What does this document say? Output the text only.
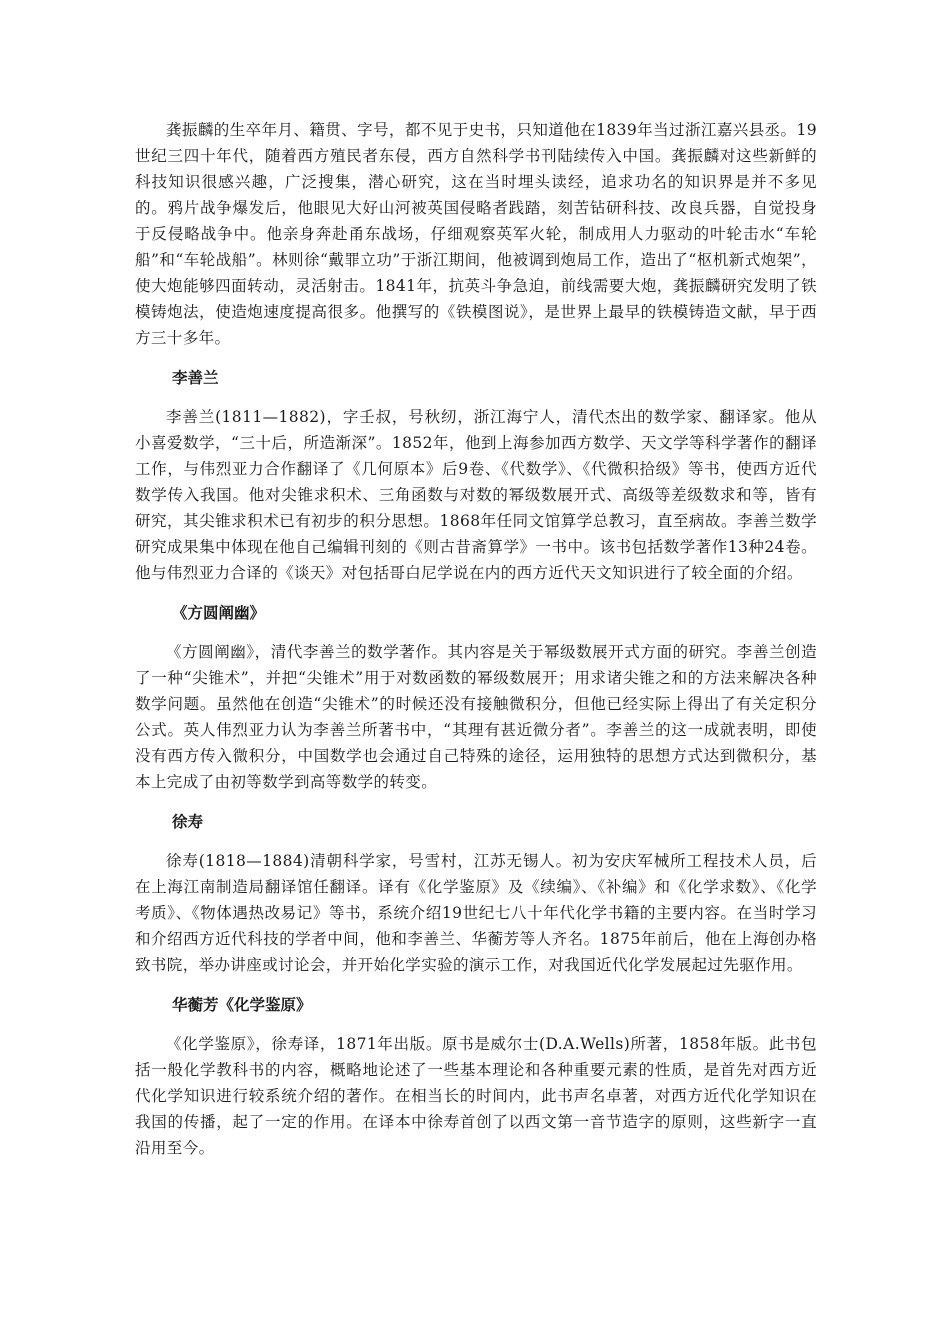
龚振麟的生卒年月、籍贯、字号，都不见于史书，只知道他在1839年当过浙江嘉兴县丞。19世纪三四十年代，随着西方殖民者东侵，西方自然科学书刊陆续传入中国。龚振麟对这些新鲜的科技知识很感兴趣，广泛搜集，潜心研究，这在当时埋头读经，追求功名的知识界是并不多见的。鸦片战争爆发后，他眼见大好山河被英国侵略者践踏，刻苦钻研科技、改良兵器，自觉投身于反侵略战争中。他亲身奔赴甬东战场，仔细观察英军火轮，制成用人力驱动的叶轮击水“车轮船”和“车轮战船”。林则徐“戴罪立功”于浙江期间，他被调到炮局工作，造出了“枢机新式炮架”，使大炮能够四面转动，灵活射击。1841年，抗英斗争急迫，前线需要大炮，龚振麟研究发明了铁模铸炮法，使造炮速度提高很多。他撰写的《铁模图说》，是世界上最早的铁模铸造文献，早于西方三十多年。

李善兰

李善兰(1811—1882)，字壬叔，号秋纫，浙江海宁人，清代杰出的数学家、翻译家。他从小喜爱数学，“三十后，所造渐深”。1852年，他到上海参加西方数学、天文学等科学著作的翻译工作，与伟烈亚力合作翻译了《几何原本》后9卷、《代数学》、《代微积拾级》等书，使西方近代数学传入我国。他对尖锥求积术、三角函数与对数的幂级数展开式、高级等差级数求和等，皆有研究，其尖锥求积术已有初步的积分思想。1868年任同文馆算学总教习，直至病故。李善兰数学研究成果集中体现在他自己编辑刊刻的《则古昔斋算学》一书中。该书包括数学著作13种24卷。他与伟烈亚力合译的《谈天》对包括哥白尼学说在内的西方近代天文知识进行了较全面的介绍。

《方圆阐幽》

《方圆阐幽》，清代李善兰的数学著作。其内容是关于幂级数展开式方面的研究。李善兰创造了一种“尖锥术”，并把“尖锥术”用于对数函数的幂级数展开；用求诸尖锥之和的方法来解决各种数学问题。虽然他在创造“尖锥术”的时候还没有接触微积分，但他已经实际上得出了有关定积分公式。英人伟烈亚力认为李善兰所著书中，“其理有甚近微分者”。李善兰的这一成就表明，即使没有西方传入微积分，中国数学也会通过自己特殊的途径，运用独特的思想方式达到微积分，基本上完成了由初等数学到高等数学的转变。

徐寿

徐寿(1818—1884)清朝科学家，号雪村，江苏无锡人。初为安庆军械所工程技术人员，后在上海江南制造局翻译馆任翻译。译有《化学鉴原》及《续编》、《补编》和《化学求数》、《化学考质》、《物体遇热改易记》等书，系统介绍19世纪七八十年代化学书籍的主要内容。在当时学习和介绍西方近代科技的学者中间，他和李善兰、华蘅芳等人齐名。1875年前后，他在上海创办格致书院，举办讲座或讨论会，并开始化学实验的演示工作，对我国近代化学发展起过先驱作用。

华蘅芳《化学鉴原》

《化学鉴原》，徐寿译，1871年出版。原书是威尔士(D.A.Wells)所著，1858年版。此书包括一般化学教科书的内容，概略地论述了一些基本理论和各种重要元素的性质，是首先对西方近代化学知识进行较系统介绍的著作。在相当长的时间内，此书声名卓著，对西方近代化学知识在我国的传播，起了一定的作用。在译本中徐寿首创了以西文第一音节造字的原则，这些新字一直沿用至今。
